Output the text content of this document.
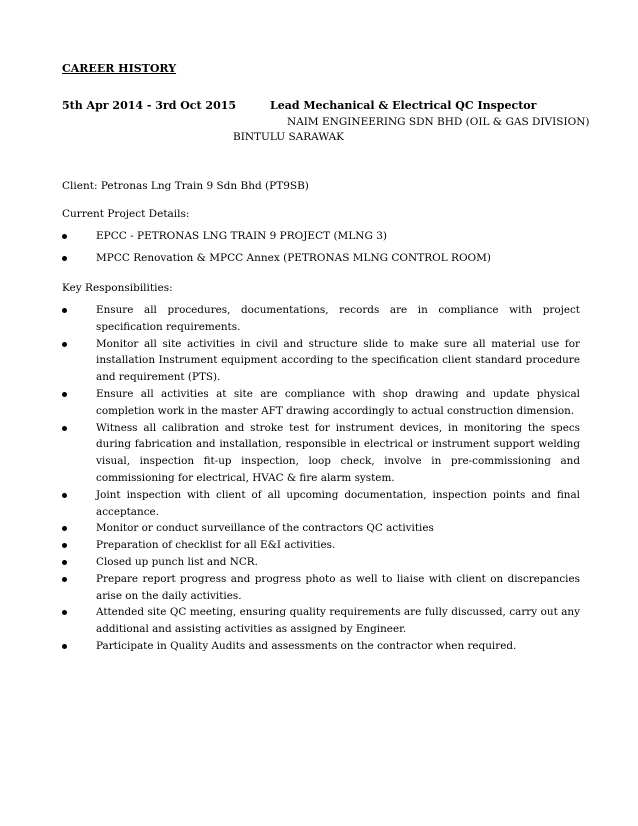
CAREER HISTORY
5th Apr 2014 - 3rd Oct 2015	Lead Mechanical & Electrical QC Inspector
NAIM ENGINEERING SDN BHD (OIL & GAS DIVISION)
BINTULU SARAWAK
Client: Petronas Lng Train 9 Sdn Bhd (PT9SB)
Current Project Details:
EPCC - PETRONAS LNG TRAIN 9 PROJECT (MLNG 3)
MPCC Renovation & MPCC Annex (PETRONAS MLNG CONTROL ROOM)
Key Responsibilities:
Ensure all procedures, documentations, records are in compliance with project specification requirements.
Monitor all site activities in civil and structure slide to make sure all material use for installation Instrument equipment according to the specification client standard procedure and requirement (PTS).
Ensure all activities at site are compliance with shop drawing and update physical completion work in the master AFT drawing accordingly to actual construction dimension.
Witness all calibration and stroke test for instrument devices, in monitoring the specs during fabrication and installation, responsible in electrical or instrument support welding visual, inspection fit-up inspection, loop check, involve in pre-commissioning and commissioning for electrical, HVAC & fire alarm system.
Joint inspection with client of all upcoming documentation, inspection points and final acceptance.
Monitor or conduct surveillance of the contractors QC activities
Preparation of checklist for all E&I activities.
Closed up punch list and NCR.
Prepare report progress and progress photo as well to liaise with client on discrepancies arise on the daily activities.
Attended site QC meeting, ensuring quality requirements are fully discussed, carry out any additional and assisting activities as assigned by Engineer.
Participate in Quality Audits and assessments on the contractor when required.
